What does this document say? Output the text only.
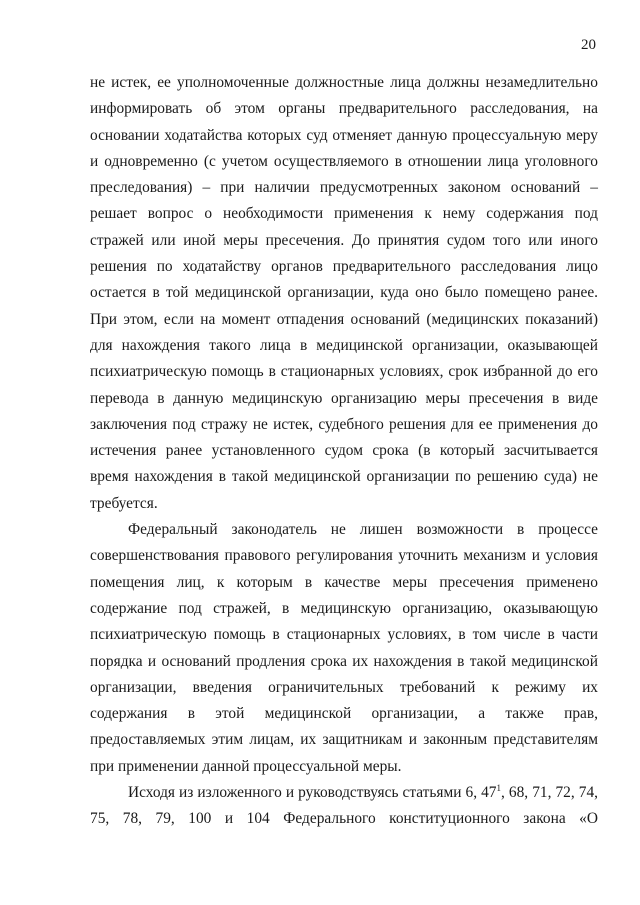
20

не истек, ее уполномоченные должностные лица должны незамедлительно информировать об этом органы предварительного расследования, на основании ходатайства которых суд отменяет данную процессуальную меру и одновременно (с учетом осуществляемого в отношении лица уголовного преследования) – при наличии предусмотренных законом оснований – решает вопрос о необходимости применения к нему содержания под стражей или иной меры пресечения. До принятия судом того или иного решения по ходатайству органов предварительного расследования лицо остается в той медицинской организации, куда оно было помещено ранее. При этом, если на момент отпадения оснований (медицинских показаний) для нахождения такого лица в медицинской организации, оказывающей психиатрическую помощь в стационарных условиях, срок избранной до его перевода в данную медицинскую организацию меры пресечения в виде заключения под стражу не истек, судебного решения для ее применения до истечения ранее установленного судом срока (в который засчитывается время нахождения в такой медицинской организации по решению суда) не требуется.

Федеральный законодатель не лишен возможности в процессе совершенствования правового регулирования уточнить механизм и условия помещения лиц, к которым в качестве меры пресечения применено содержание под стражей, в медицинскую организацию, оказывающую психиатрическую помощь в стационарных условиях, в том числе в части порядка и оснований продления срока их нахождения в такой медицинской организации, введения ограничительных требований к режиму их содержания в этой медицинской организации, а также прав, предоставляемых этим лицам, их защитникам и законным представителям при применении данной процессуальной меры.

Исходя из изложенного и руководствуясь статьями 6, $47^1$, 68, 71, 72, 74, 75, 78, 79, 100 и 104 Федерального конституционного закона «О
